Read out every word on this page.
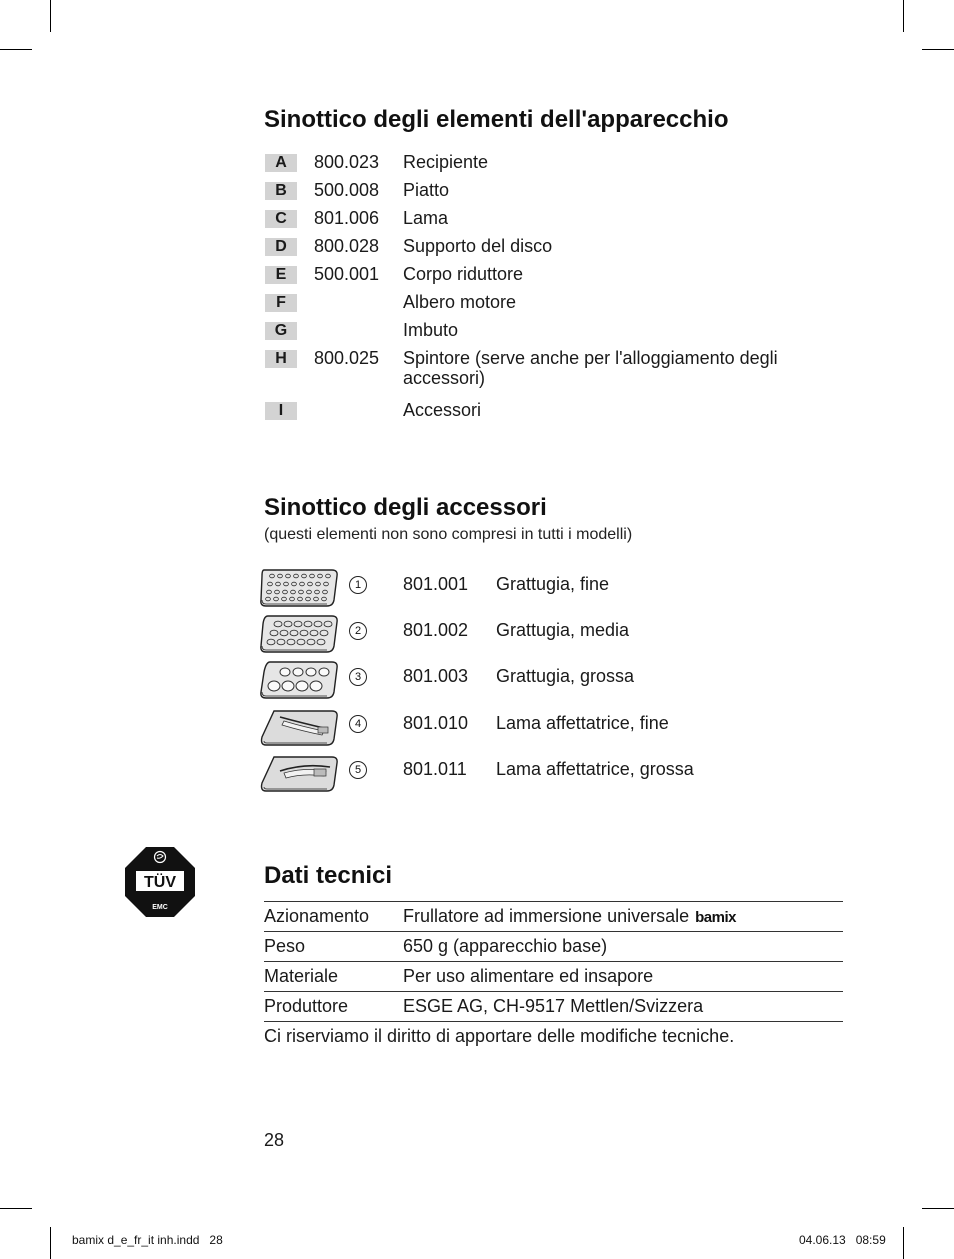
Sinottico degli elementi dell'apparecchio
A	800.023 Recipiente
B	500.008 Piatto
C	801.006 Lama
D	800.028 Supporto del disco
E	500.001 Corpo riduttore
F	Albero motore
G	Imbuto
H	800.025 Spintore (serve anche per l'alloggiamento degli accessori)
I	Accessori
Sinottico degli accessori
(questi elementi non sono compresi in tutti i modelli)
1	801.001 Grattugia, fine
2	801.002 Grattugia, media
3	801.003 Grattugia, grossa
4	801.010 Lama affettatrice, fine
5	801.011 Lama affettatrice, grossa
TÜV
EMC
Dati tecnici
Azionamento	Frullatore ad immersione universale bamix
Peso	650 g (apparecchio base)
Materiale	Per uso alimentare ed insapore
Produttore	ESGE AG, CH-9517 Mettlen/Svizzera
Ci riserviamo il diritto di apportare delle modifiche tecniche.
28
bamix d_e_fr_it inh.indd   28	04.06.13   08:59
